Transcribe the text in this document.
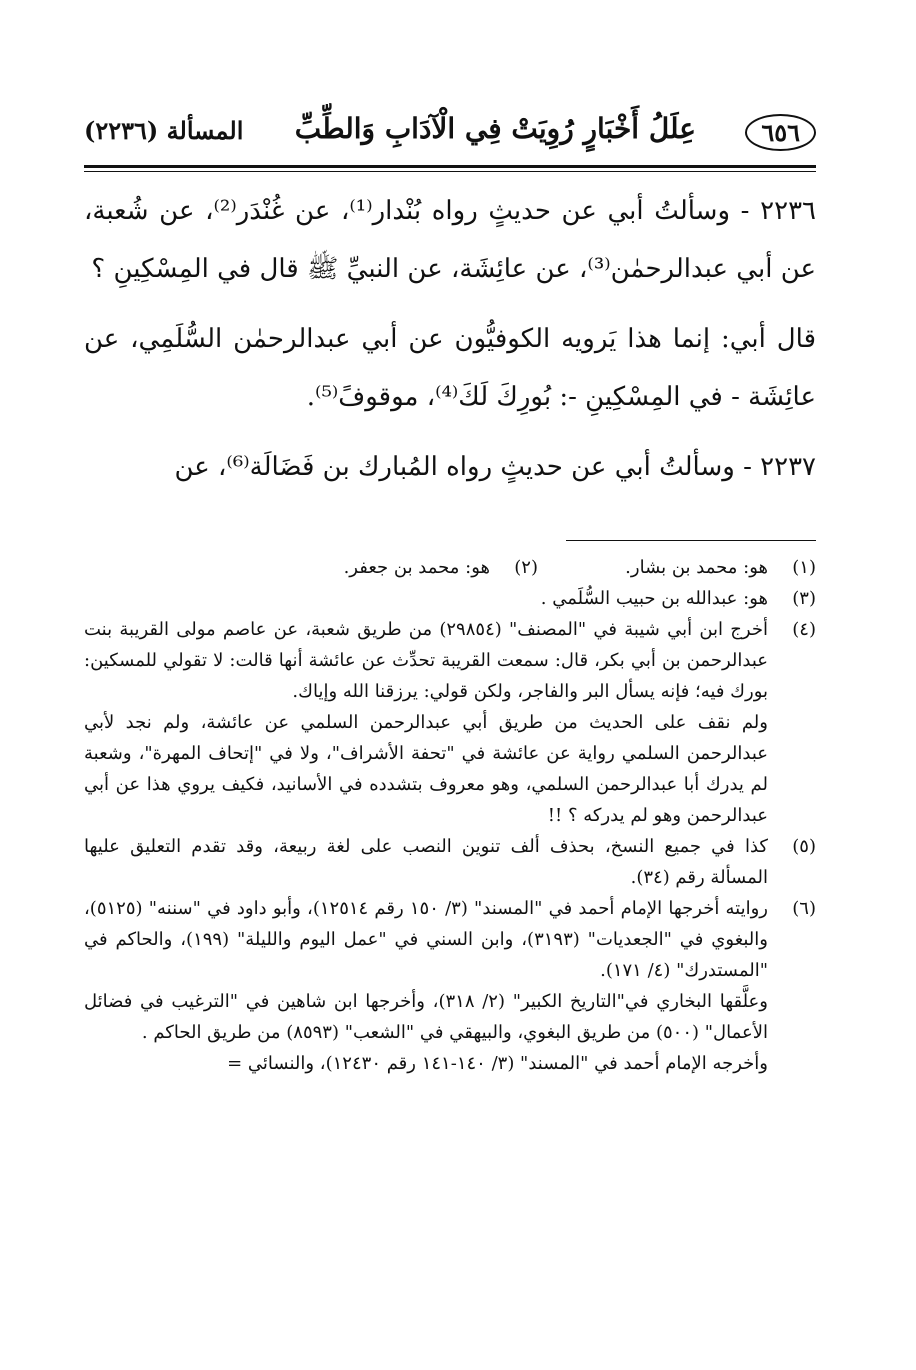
٦٥٦
عِلَلُ أَخْبَارٍ رُوِيَتْ فِي الْآدَابِ وَالطِّبِّ
المسألة (٢٢٣٦)

٢٢٣٦ - وسألتُ أبي عن حديثٍ رواه بُنْدار⁽¹⁾، عن غُنْدَر⁽²⁾، عن شُعبة، عن أبي عبدالرحمٰن⁽³⁾، عن عائِشَة، عن النبيِّ ﷺ قال في المِسْكِينِ ؟

قال أبي: إنما هذا يَرويه الكوفيُّون عن أبي عبدالرحمٰن السُّلَمِي، عن عائِشَة - في المِسْكِينِ -: بُورِكَ لَكَ⁽⁴⁾، موقوفً⁽⁵⁾.

٢٢٣٧ - وسألتُ أبي عن حديثٍ رواه المُبارك بن فَضَالَة⁽⁶⁾، عن

(١)
هو: محمد بن بشار.
(٢)
هو: محمد بن جعفر.
(٣)

هو: عبدالله بن حبيب السُّلَمي .

(٤)

أخرج ابن أبي شيبة في "المصنف" (٢٩٨٥٤) من طريق شعبة، عن عاصم مولى القريبة بنت عبدالرحمن بن أبي بكر، قال: سمعت القريبة تحدِّث عن عائشة أنها قالت: لا تقولي للمسكين: بورك فيه؛ فإنه يسأل البر والفاجر، ولكن قولي: يرزقنا الله وإياك.

ولم نقف على الحديث من طريق أبي عبدالرحمن السلمي عن عائشة، ولم نجد لأبي عبدالرحمن السلمي رواية عن عائشة في "تحفة الأشراف"، ولا في "إتحاف المهرة"، وشعبة لم يدرك أبا عبدالرحمن السلمي، وهو معروف بتشدده في الأسانيد، فكيف يروي هذا عن أبي عبدالرحمن وهو لم يدركه ؟ !!

(٥)

كذا في جميع النسخ، بحذف ألف تنوين النصب على لغة ربيعة، وقد تقدم التعليق عليها المسألة رقم (٣٤).

(٦)

روايته أخرجها الإمام أحمد في "المسند" (٣/ ١٥٠ رقم ١٢٥١٤)، وأبو داود في "سننه" (٥١٢٥)، والبغوي في "الجعديات" (٣١٩٣)، وابن السني في "عمل اليوم والليلة" (١٩٩)، والحاكم في "المستدرك" (٤/ ١٧١).

وعلَّقها البخاري في"التاريخ الكبير" (٢/ ٣١٨)، وأخرجها ابن شاهين في "الترغيب في فضائل الأعمال" (٥٠٠) من طريق البغوي، والبيهقي في "الشعب" (٨٥٩٣) من طريق الحاكم .

وأخرجه الإمام أحمد في "المسند" (٣/ ١٤٠-١٤١ رقم ١٢٤٣٠)، والنسائي =
